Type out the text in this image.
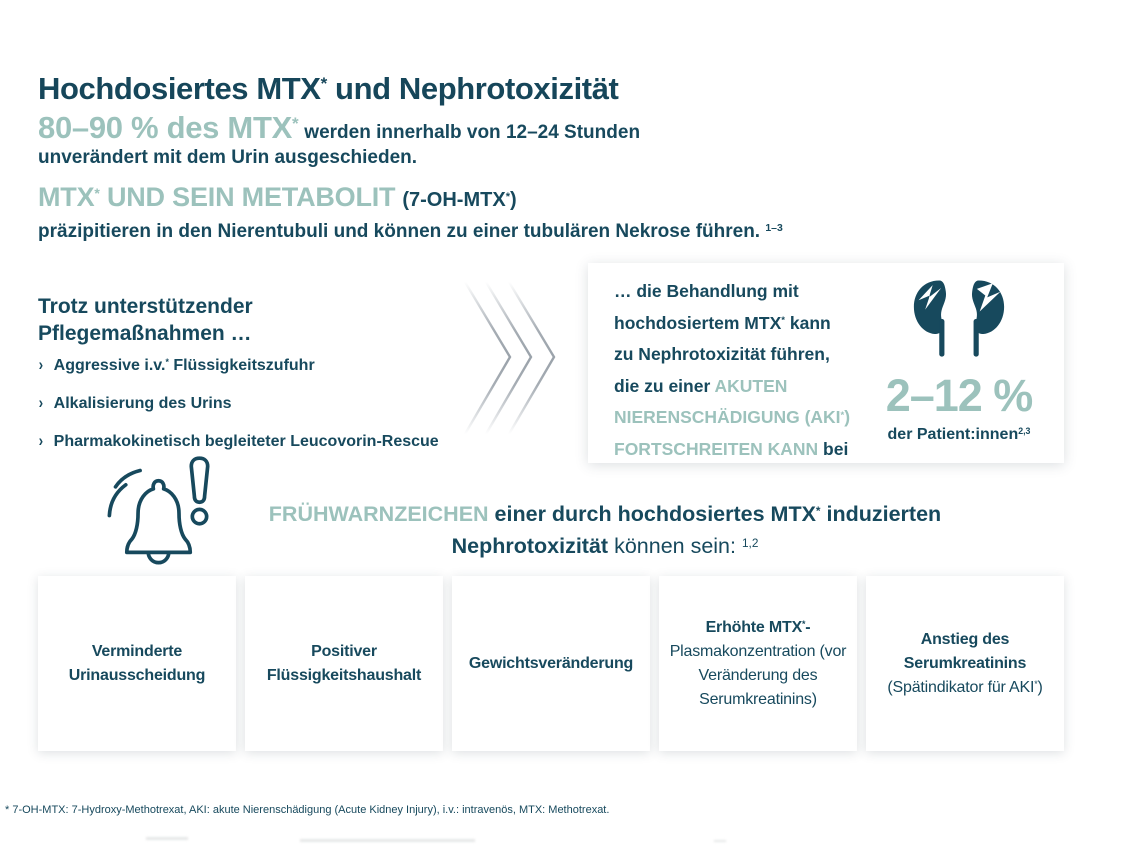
Hochdosiertes MTX* und Nephrotoxizität
80–90 % des MTX* werden innerhalb von 12–24 Stunden
unverändert mit dem Urin ausgeschieden.
MTX* UND SEIN METABOLIT (7-OH-MTX*)
präzipitieren in den Nierentubuli und können zu einer tubulären Nekrose führen. $^{1-3}$
Trotz unterstützender
Pflegemaßnahmen …
› Aggressive i.v.* Flüssigkeitszufuhr
› Alkalisierung des Urins
› Pharmakokinetisch begleiteter Leucovorin-Rescue
… die Behandlung mit
hochdosiertem MTX* kann
zu Nephrotoxizität führen,
die zu einer AKUTEN
NIERENSCHÄDIGUNG (AKI*)
FORTSCHREITEN KANN bei
2–12 %
der Patient:innen$^{2,3}$
FRÜHWARNZEICHEN einer durch hochdosiertes MTX* induzierten
Nephrotoxizität können sein: $^{1,2}$
Verminderte Urinausscheidung
Positiver Flüssigkeitshaushalt
Gewichtsveränderung
Erhöhte MTX*-
Plasmakonzentration (vor Veränderung des Serumkreatinins)
Anstieg des Serumkreatinins
(Spätindikator für AKI*)
* 7-OH-MTX: 7-Hydroxy-Methotrexat, AKI: akute Nierenschädigung (Acute Kidney Injury), i.v.: intravenös, MTX: Methotrexat.
